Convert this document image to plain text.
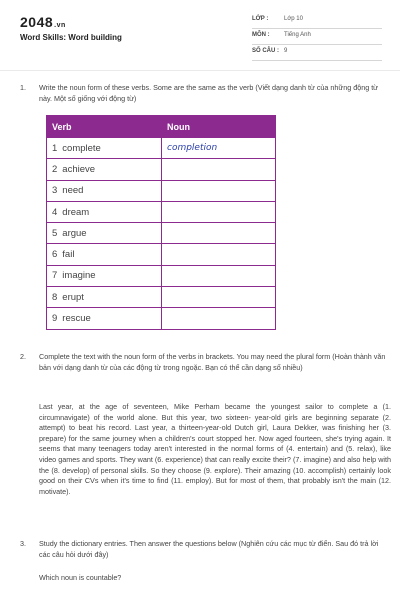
2048.vn
Word Skills: Word building
LỚP :	Lớp 10
MÔN : Tiếng Anh
SỐ CÂU : 9
1. Write the noun form of these verbs. Some are the same as the verb (Viết dạng danh từ của những động từ này. Một số giống với động từ)
Verb	Noun
1 complete	completion
2 achieve	
3 need	
4 dream	
5 argue	
6 fail	
7 imagine	
8 erupt	
9 rescue	
2. Complete the text with the noun form of the verbs in brackets. You may need the plural form (Hoàn thành văn bản với dạng danh từ của các động từ trong ngoặc. Bạn có thể cần dạng số nhiều)
Last year, at the age of seventeen, Mike Perham became the youngest sailor to complete a (1. circumnavigate) of the world alone. But this year, two sixteen- year-old girls are beginning separate (2. attempt) to beat his record. Last year, a thirteen-year-old Dutch girl, Laura Dekker, was finishing her (3. prepare) for the same journey when a children's court stopped her. Now aged fourteen, she's trying again. It seems that many teenagers today aren't interested in the normal forms of (4. entertain) and (5. relax), like video games and sports. They want (6. experience) that can really excite their? (7. imagine) and also help with the (8. develop) of personal skills. So they choose (9. explore). Their amazing (10. accomplish) certainly look good on their CVs when it's time to find (11. employ). But for most of them, that probably isn't the main (12. motivate).
3. Study the dictionary entries. Then answer the questions below (Nghiên cứu các mục từ điển. Sau đó trả lời các câu hỏi dưới đây)
Which noun is countable?
